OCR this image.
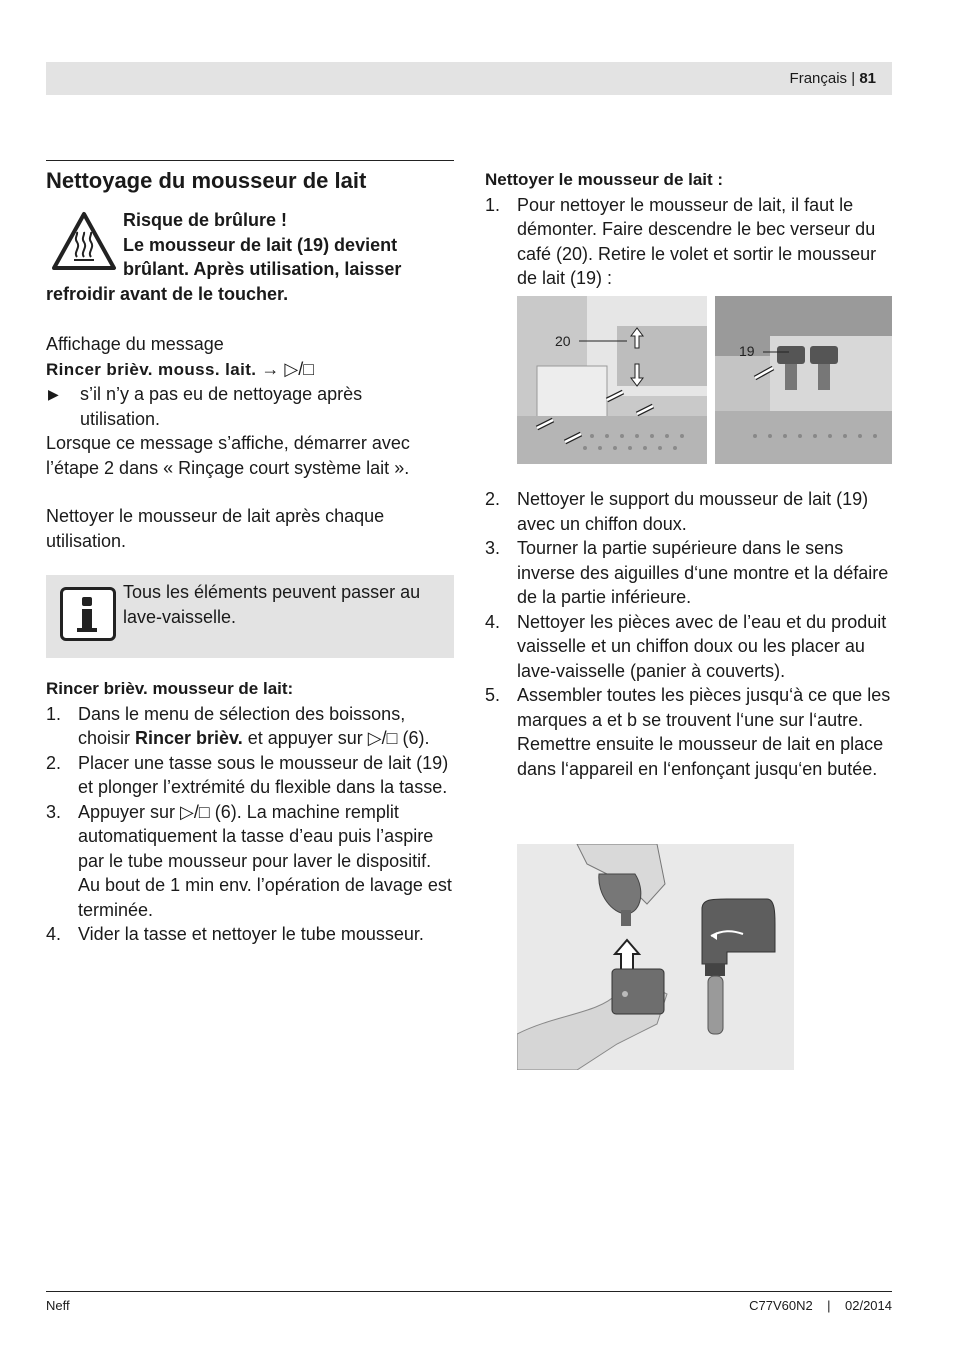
Français | 81
Nettoyage du mousseur de lait
Risque de brûlure !
Le mousseur de lait (19) devient
brûlant. Après utilisation, laisser
refroidir avant de le toucher.

Affichage du message

Rincer brièv. mouss. lait. → ▷/□

▶	s’il n’y a pas eu de nettoyage après
utilisation.

Lorsque ce message s’affiche, démarrer avec l’étape 2 dans « Rinçage court système lait ».

Nettoyer le mousseur de lait après chaque utilisation.

Tous les éléments peuvent passer au lave-vaisselle.
Rincer brièv. mousseur de lait:
1. Dans le menu de sélection des boissons, choisir Rincer brièv. et appuyer sur ▷/□ (6).
2. Placer une tasse sous le mousseur de lait (19) et plonger l’extrémité du flexible dans la tasse.
3. Appuyer sur ▷/□ (6). La machine remplit automatiquement la tasse d’eau puis l’aspire par le tube mousseur pour laver le dispositif. Au bout de 1 min env. l’opération de lavage est terminée.
4. Vider la tasse et nettoyer le tube mousseur.
Nettoyer le mousseur de lait :
1. Pour nettoyer le mousseur de lait, il faut le démonter. Faire descendre le bec verseur du café (20). Retire le volet et sortir le mousseur de lait (19) :
20
19
2. Nettoyer le support du mousseur de lait (19) avec un chiffon doux.
3. Tourner la partie supérieure dans le sens inverse des aiguilles d‘une montre et la défaire de la partie inférieure.
4. Nettoyer les pièces avec de l’eau et du produit vaisselle et un chiffon doux ou les placer au lave-vaisselle (panier à couverts).
5. Assembler toutes les pièces jusqu‘à ce que les marques a et b se trouvent l‘une sur l‘autre. Remettre ensuite le mousseur de lait en place dans l‘appareil en l‘enfonçant jusqu‘en butée.
Neff	C77V60N2 | 02/2014
